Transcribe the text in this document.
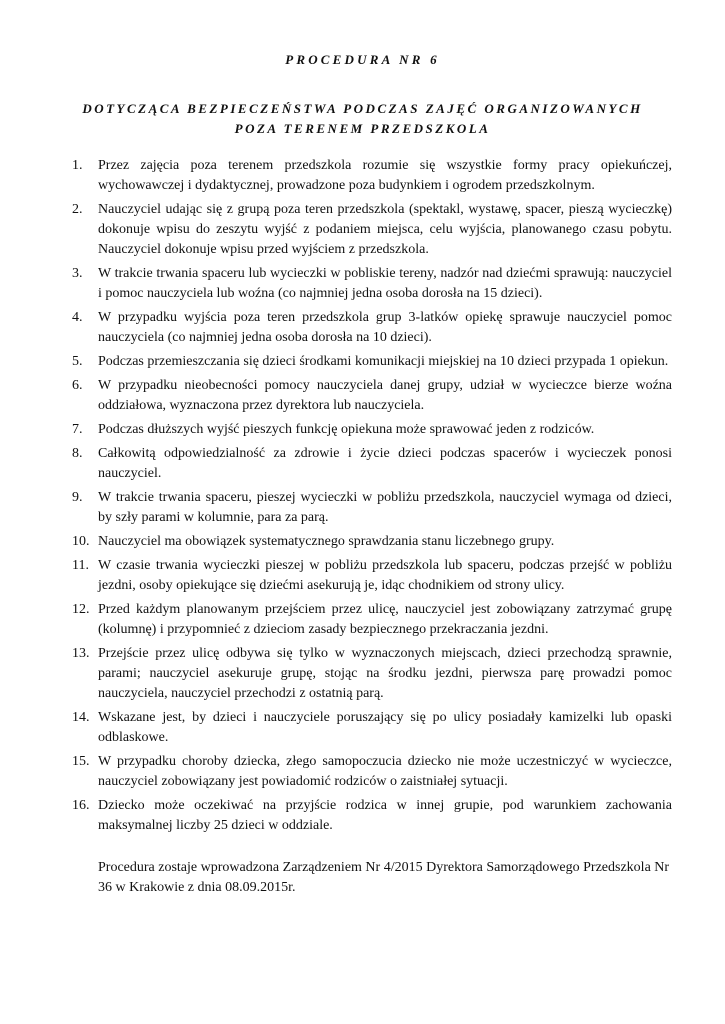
PROCEDURA NR 6
DOTYCZĄCA BEZPIECZEŃSTWA PODCZAS ZAJĘĆ ORGANIZOWANYCH
POZA TERENEM PRZEDSZKOLA
1.	Przez zajęcia poza terenem przedszkola rozumie się wszystkie formy pracy opiekuńczej, wychowawczej i dydaktycznej, prowadzone poza budynkiem i ogrodem przedszkolnym.
2.	Nauczyciel udając się z grupą poza teren przedszkola (spektakl, wystawę, spacer, pieszą wycieczkę) dokonuje wpisu do zeszytu wyjść z podaniem miejsca, celu wyjścia, planowanego czasu pobytu. Nauczyciel dokonuje wpisu przed wyjściem z przedszkola.
3.	W trakcie trwania spaceru lub wycieczki w pobliskie tereny, nadzór nad dziećmi sprawują: nauczyciel i pomoc nauczyciela lub woźna (co najmniej jedna osoba dorosła na 15 dzieci).
4.	W przypadku wyjścia poza teren przedszkola grup 3-latków opiekę sprawuje nauczyciel pomoc nauczyciela (co najmniej jedna osoba dorosła na 10 dzieci).
5.	Podczas przemieszczania się dzieci środkami komunikacji miejskiej na 10 dzieci przypada 1 opiekun.
6.	W przypadku nieobecności pomocy nauczyciela danej grupy, udział w wycieczce bierze woźna oddziałowa, wyznaczona przez dyrektora lub nauczyciela.
7.	Podczas dłuższych wyjść pieszych funkcję opiekuna może sprawować jeden z rodziców.
8.	Całkowitą odpowiedzialność za zdrowie i życie dzieci podczas spacerów i wycieczek ponosi nauczyciel.
9.	W trakcie trwania spaceru, pieszej wycieczki w pobliżu przedszkola, nauczyciel wymaga od dzieci, by szły parami w kolumnie, para za parą.
10. Nauczyciel ma obowiązek systematycznego sprawdzania stanu liczebnego grupy.
11. W czasie trwania wycieczki pieszej w pobliżu przedszkola lub spaceru, podczas przejść w pobliżu jezdni, osoby opiekujące się dziećmi asekurują je, idąc chodnikiem od strony ulicy.
12. Przed każdym planowanym przejściem przez ulicę, nauczyciel jest zobowiązany zatrzymać grupę (kolumnę) i przypomnieć z dzieciom zasady bezpiecznego przekraczania jezdni.
13. Przejście przez ulicę odbywa się tylko w wyznaczonych miejscach, dzieci przechodzą sprawnie, parami; nauczyciel asekuruje grupę, stojąc na środku jezdni, pierwsza parę prowadzi pomoc nauczyciela, nauczyciel przechodzi z ostatnią parą.
14. Wskazane jest, by dzieci i nauczyciele poruszający się po ulicy posiadały kamizelki lub opaski odblaskowe.
15. W przypadku choroby dziecka, złego samopoczucia dziecko nie może uczestniczyć w wycieczce, nauczyciel zobowiązany jest powiadomić rodziców o zaistniałej sytuacji.
16. Dziecko może oczekiwać na przyjście rodzica w innej grupie, pod warunkiem zachowania maksymalnej liczby 25 dzieci w oddziale.
Procedura zostaje wprowadzona Zarządzeniem Nr 4/2015 Dyrektora Samorządowego Przedszkola Nr 36 w Krakowie z dnia 08.09.2015r.
